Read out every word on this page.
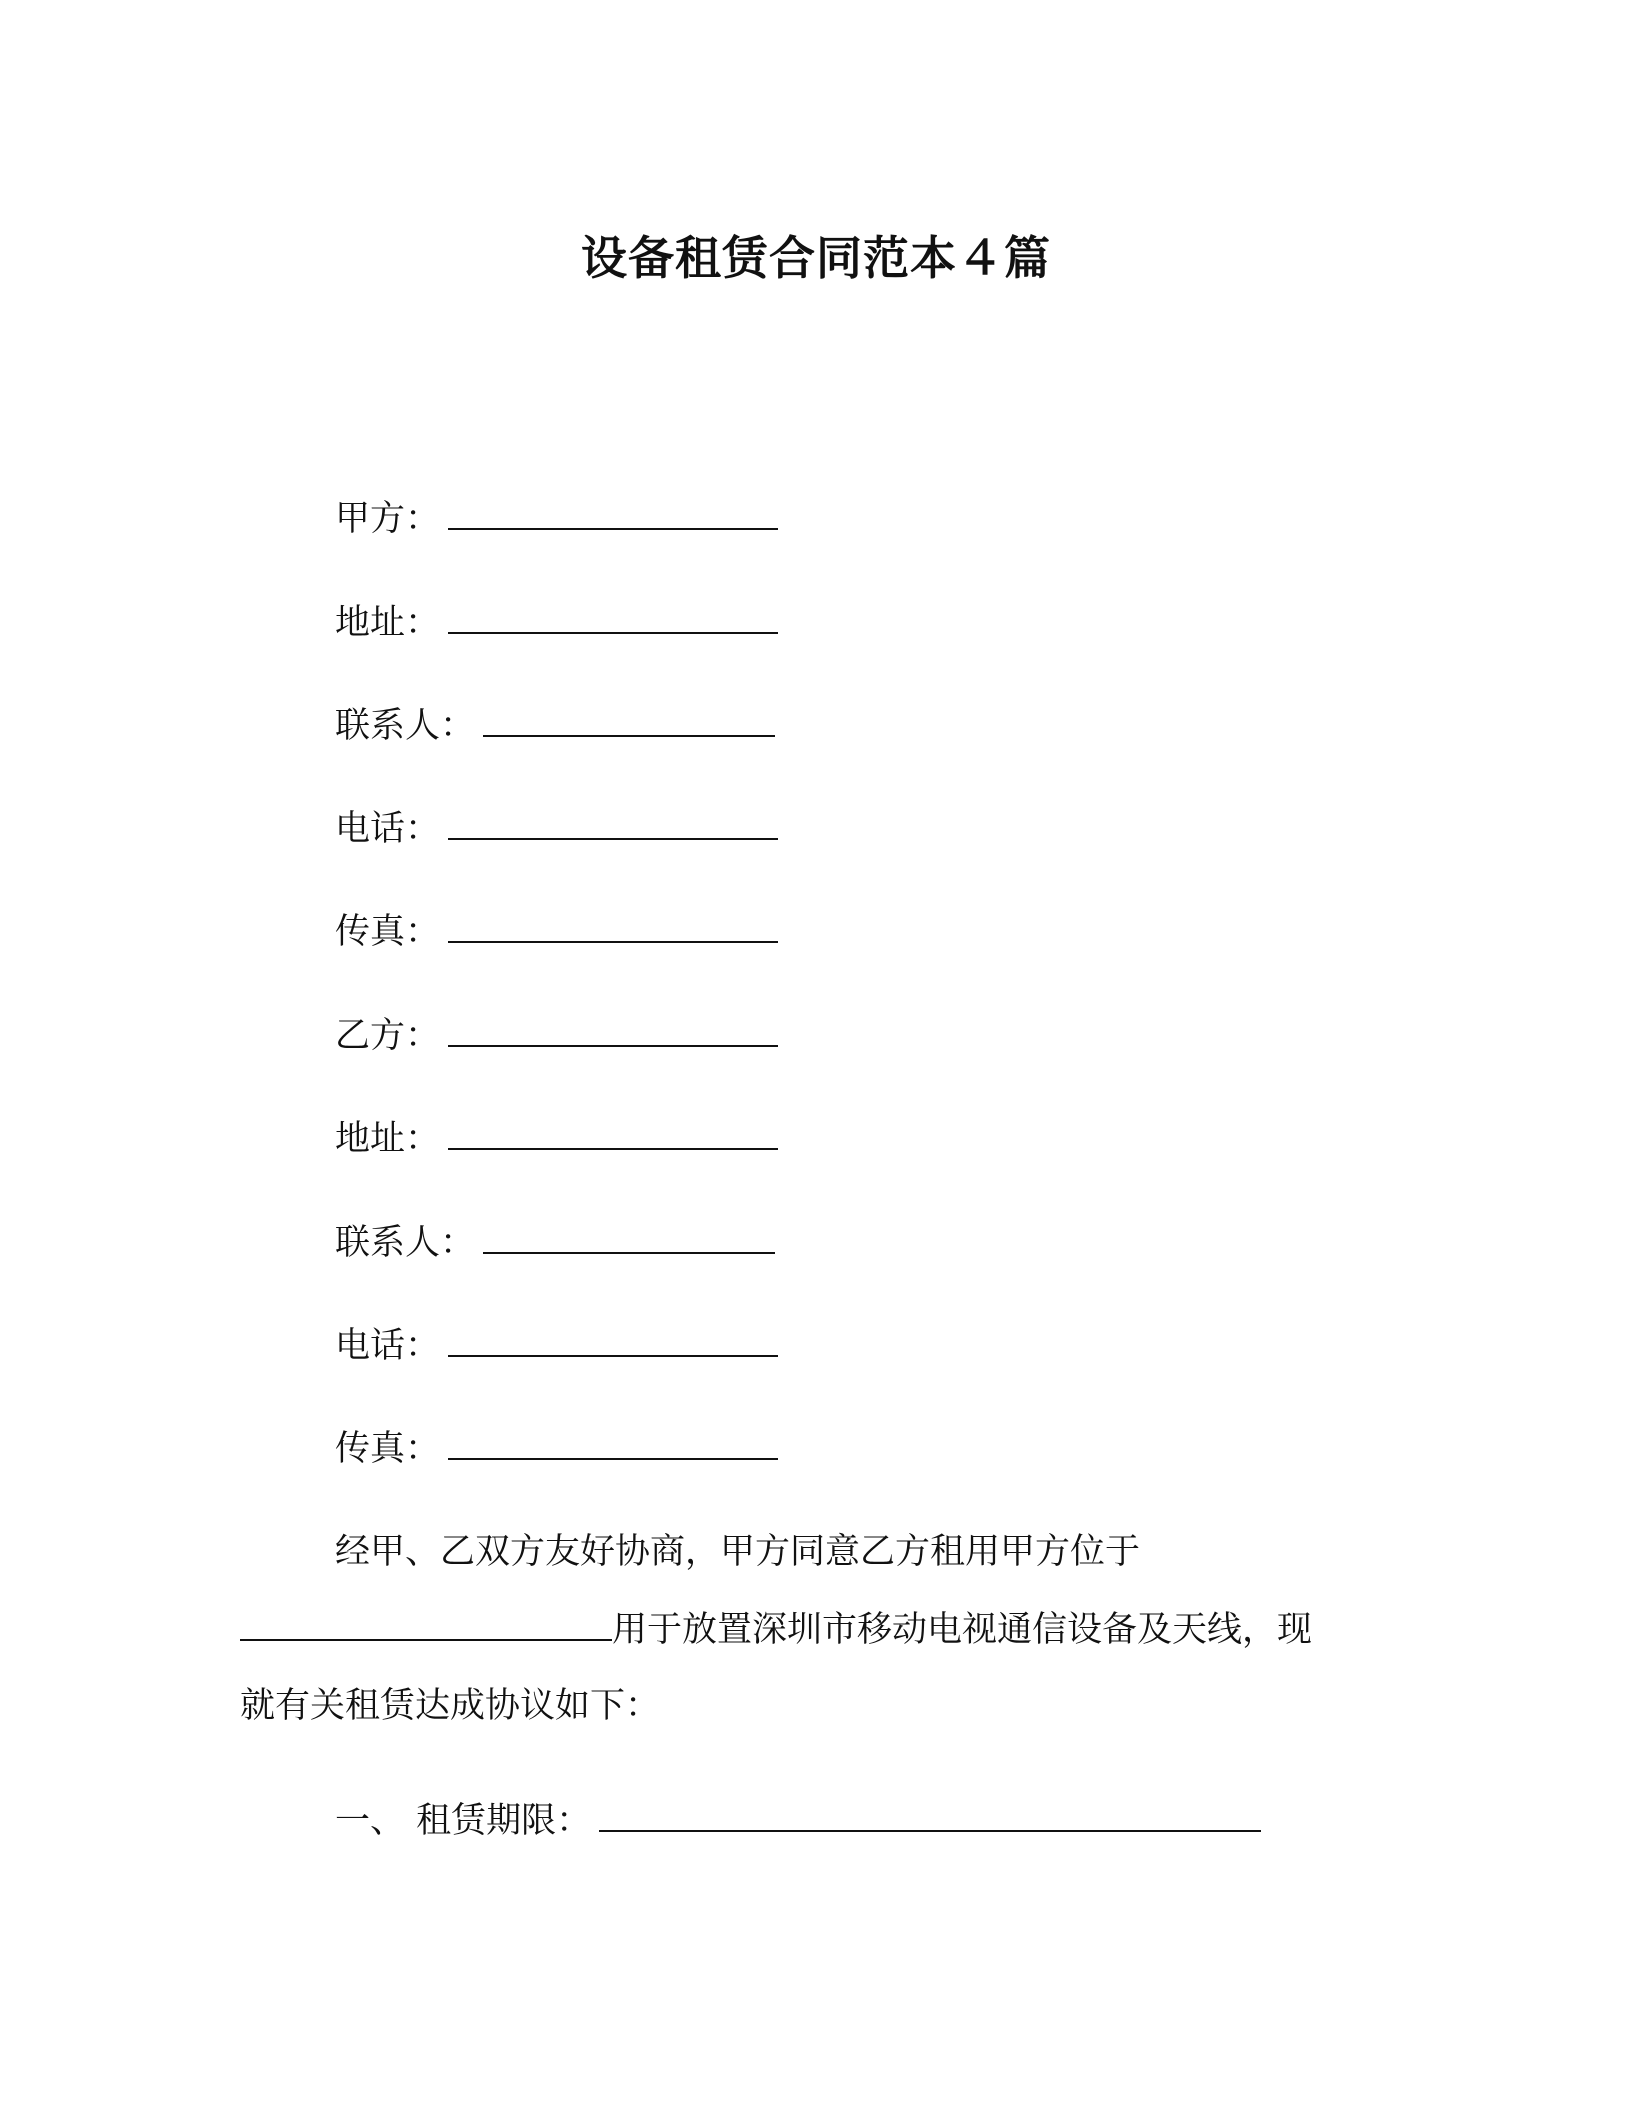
设备租赁合同范本４篇
甲方：
地址：
联系人：
电话：
传真：
乙方：
地址：
联系人：
电话：
传真：
经甲、乙双方友好协商，甲方同意乙方租用甲方位于
用于放置深圳市移动电视通信设备及天线，现
就有关租赁达成协议如下：
一、 租赁期限：
